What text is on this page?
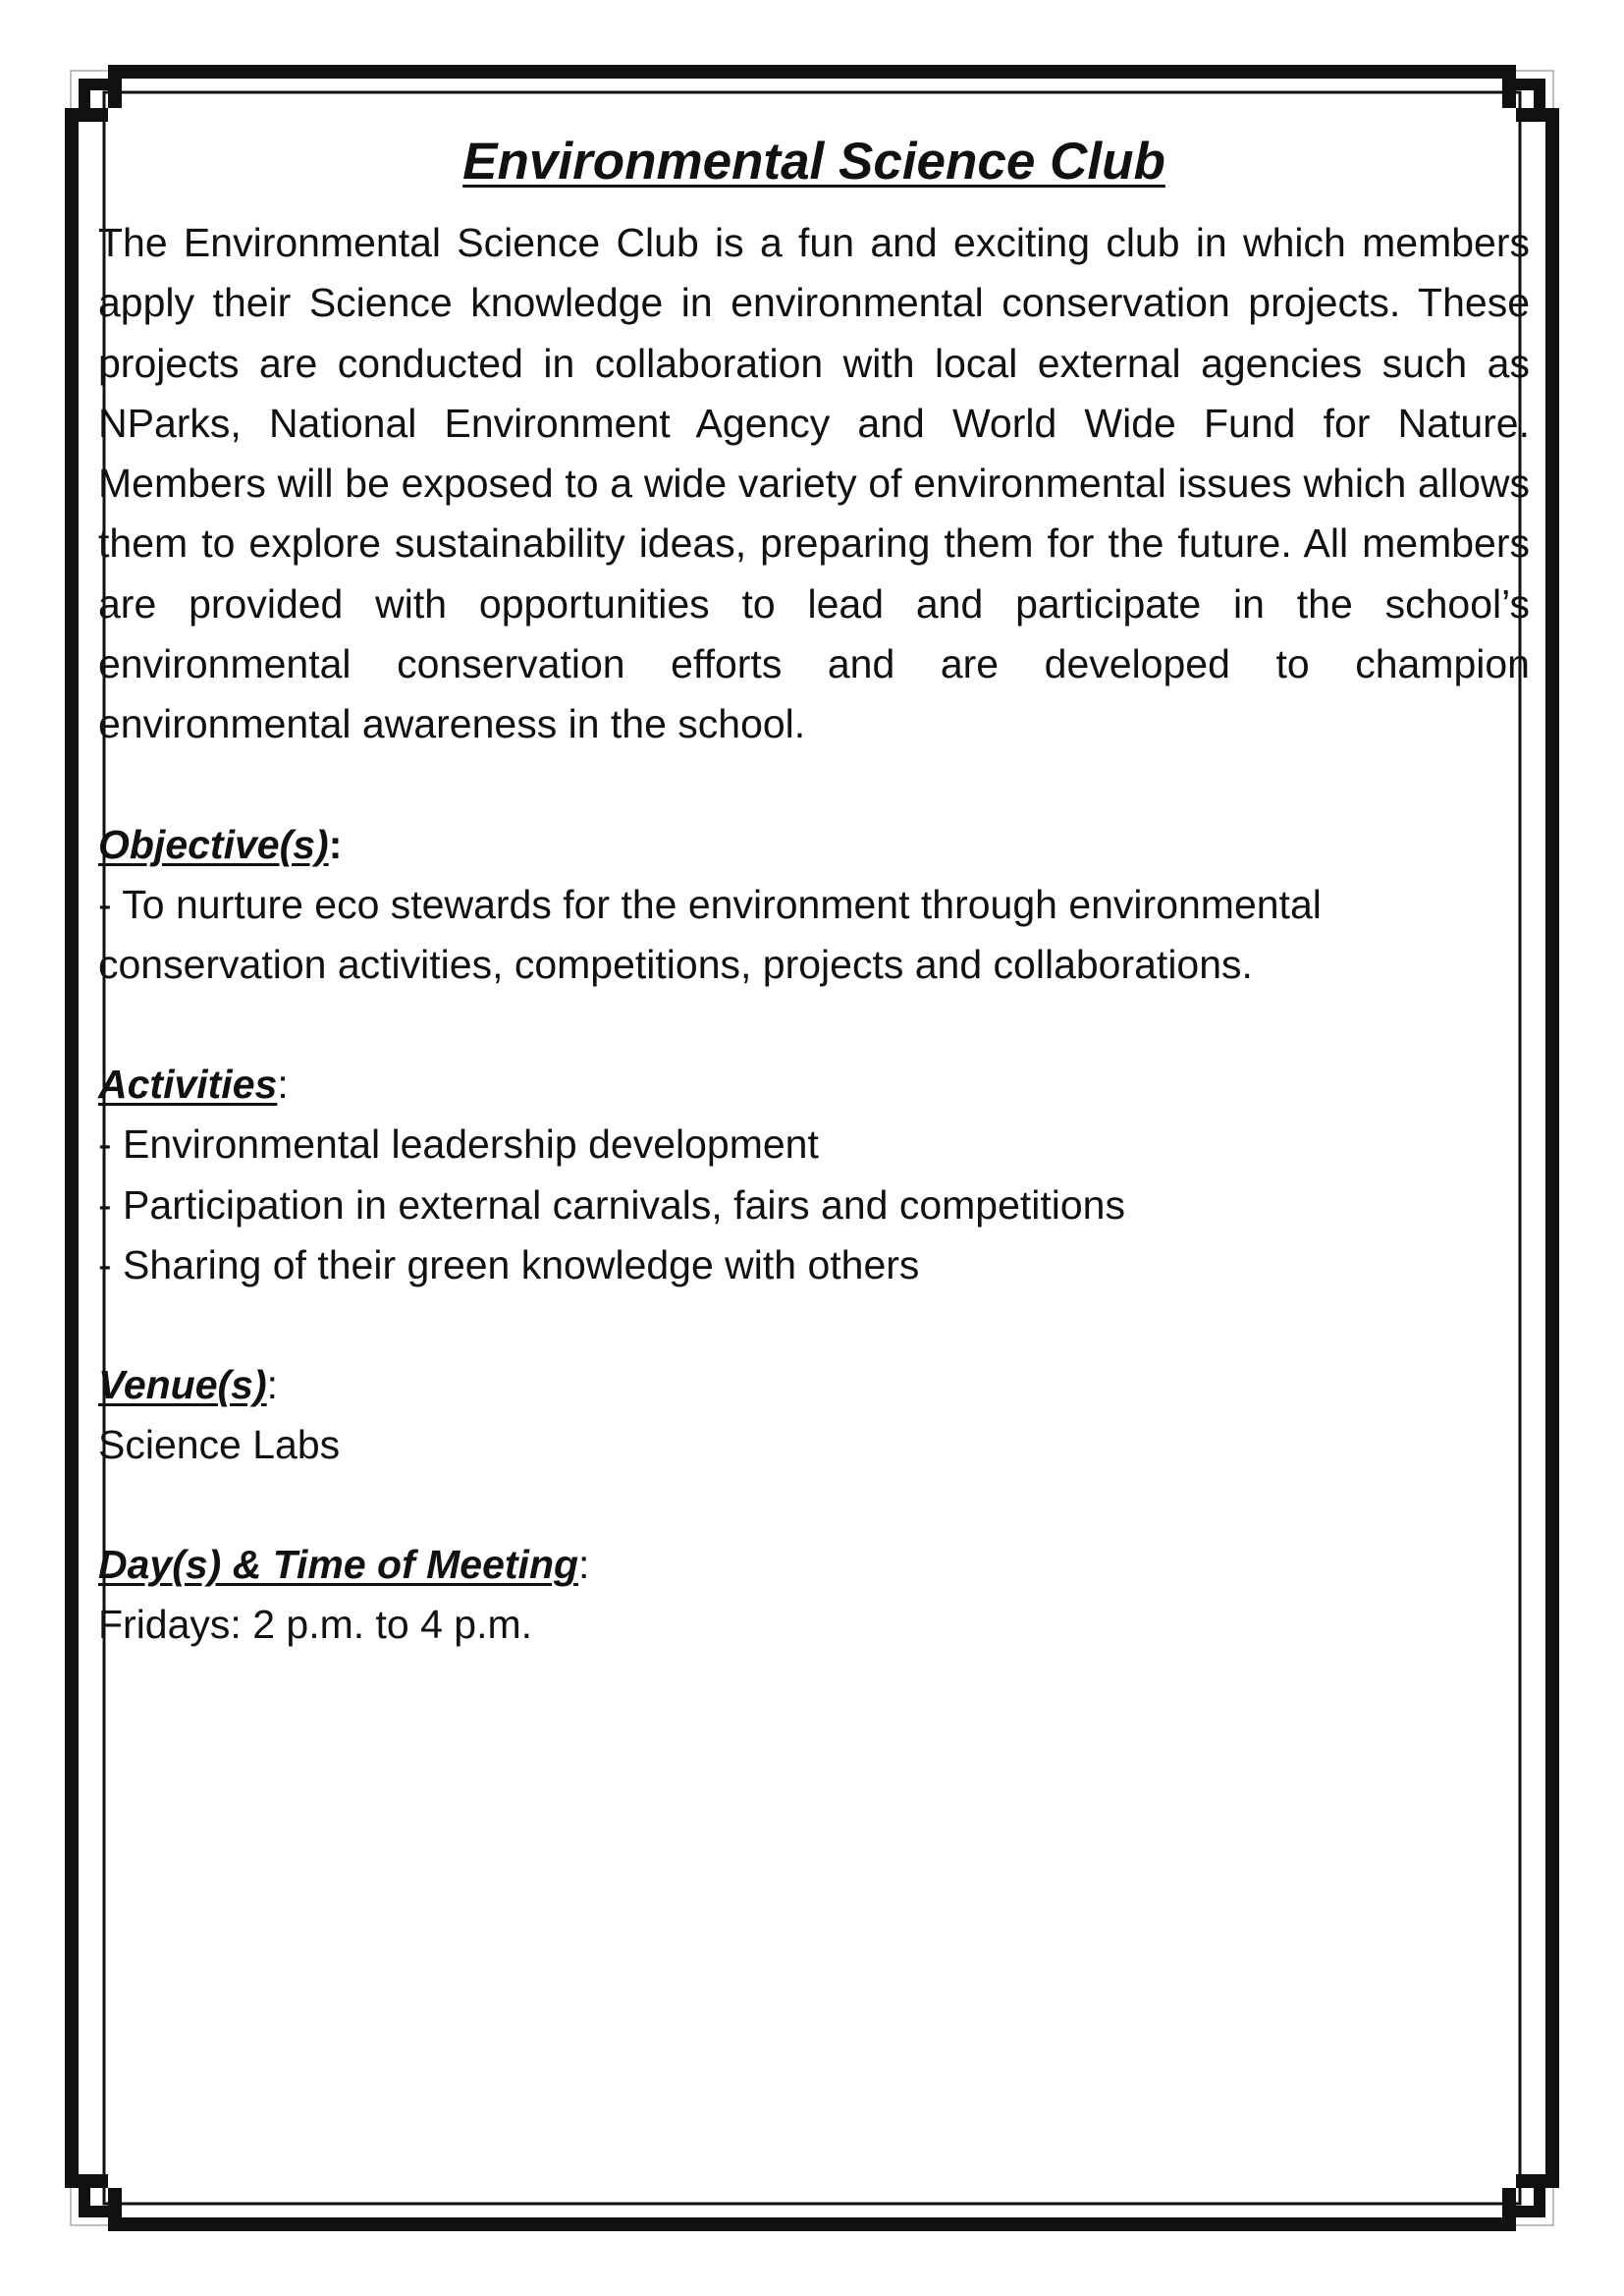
Environmental Science Club

The Environmental Science Club is a fun and exciting club in which members apply their Science knowledge in environmental conservation projects. These projects are conducted in collaboration with local external agencies such as NParks, National Environment Agency and World Wide Fund for Nature. Members will be exposed to a wide variety of environmental issues which allows them to explore sustainability ideas, preparing them for the future. All members are provided with opportunities to lead and participate in the school’s environmental conservation efforts and are developed to champion environmental awareness in the school.

Objective(s):

- To nurture eco stewards for the environment through environmental

conservation activities, competitions, projects and collaborations.

Activities:

- Environmental leadership development
- Participation in external carnivals, fairs and competitions
- Sharing of their green knowledge with others

Venue(s):

Science Labs

Day(s) & Time of Meeting:

Fridays: 2 p.m. to 4 p.m.
